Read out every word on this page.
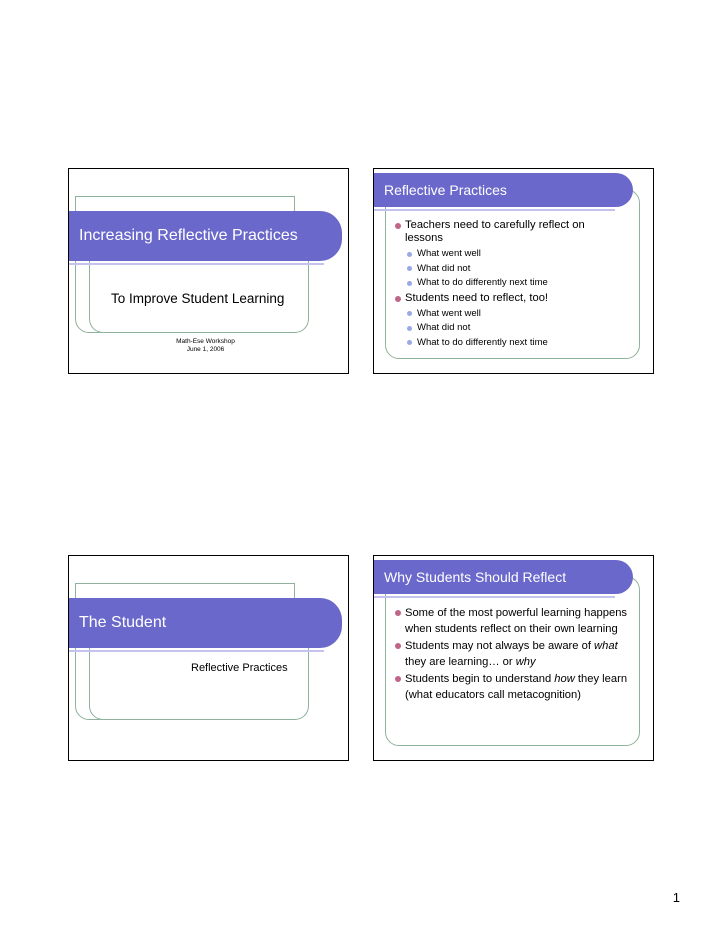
Increasing Reflective Practices
To Improve Student Learning
Math-Ese Workshop
June 1, 2006
Reflective Practices
Teachers need to carefully reflect on lessons
What went well
What did not
What to do differently next time
Students need to reflect, too!
What went well
What did not
What to do differently next time
The Student
Reflective Practices
Why Students Should Reflect
Some of the most powerful learning happens when students reflect on their own learning
Students may not always be aware of what they are learning… or why
Students begin to understand how they learn (what educators call metacognition)
1
